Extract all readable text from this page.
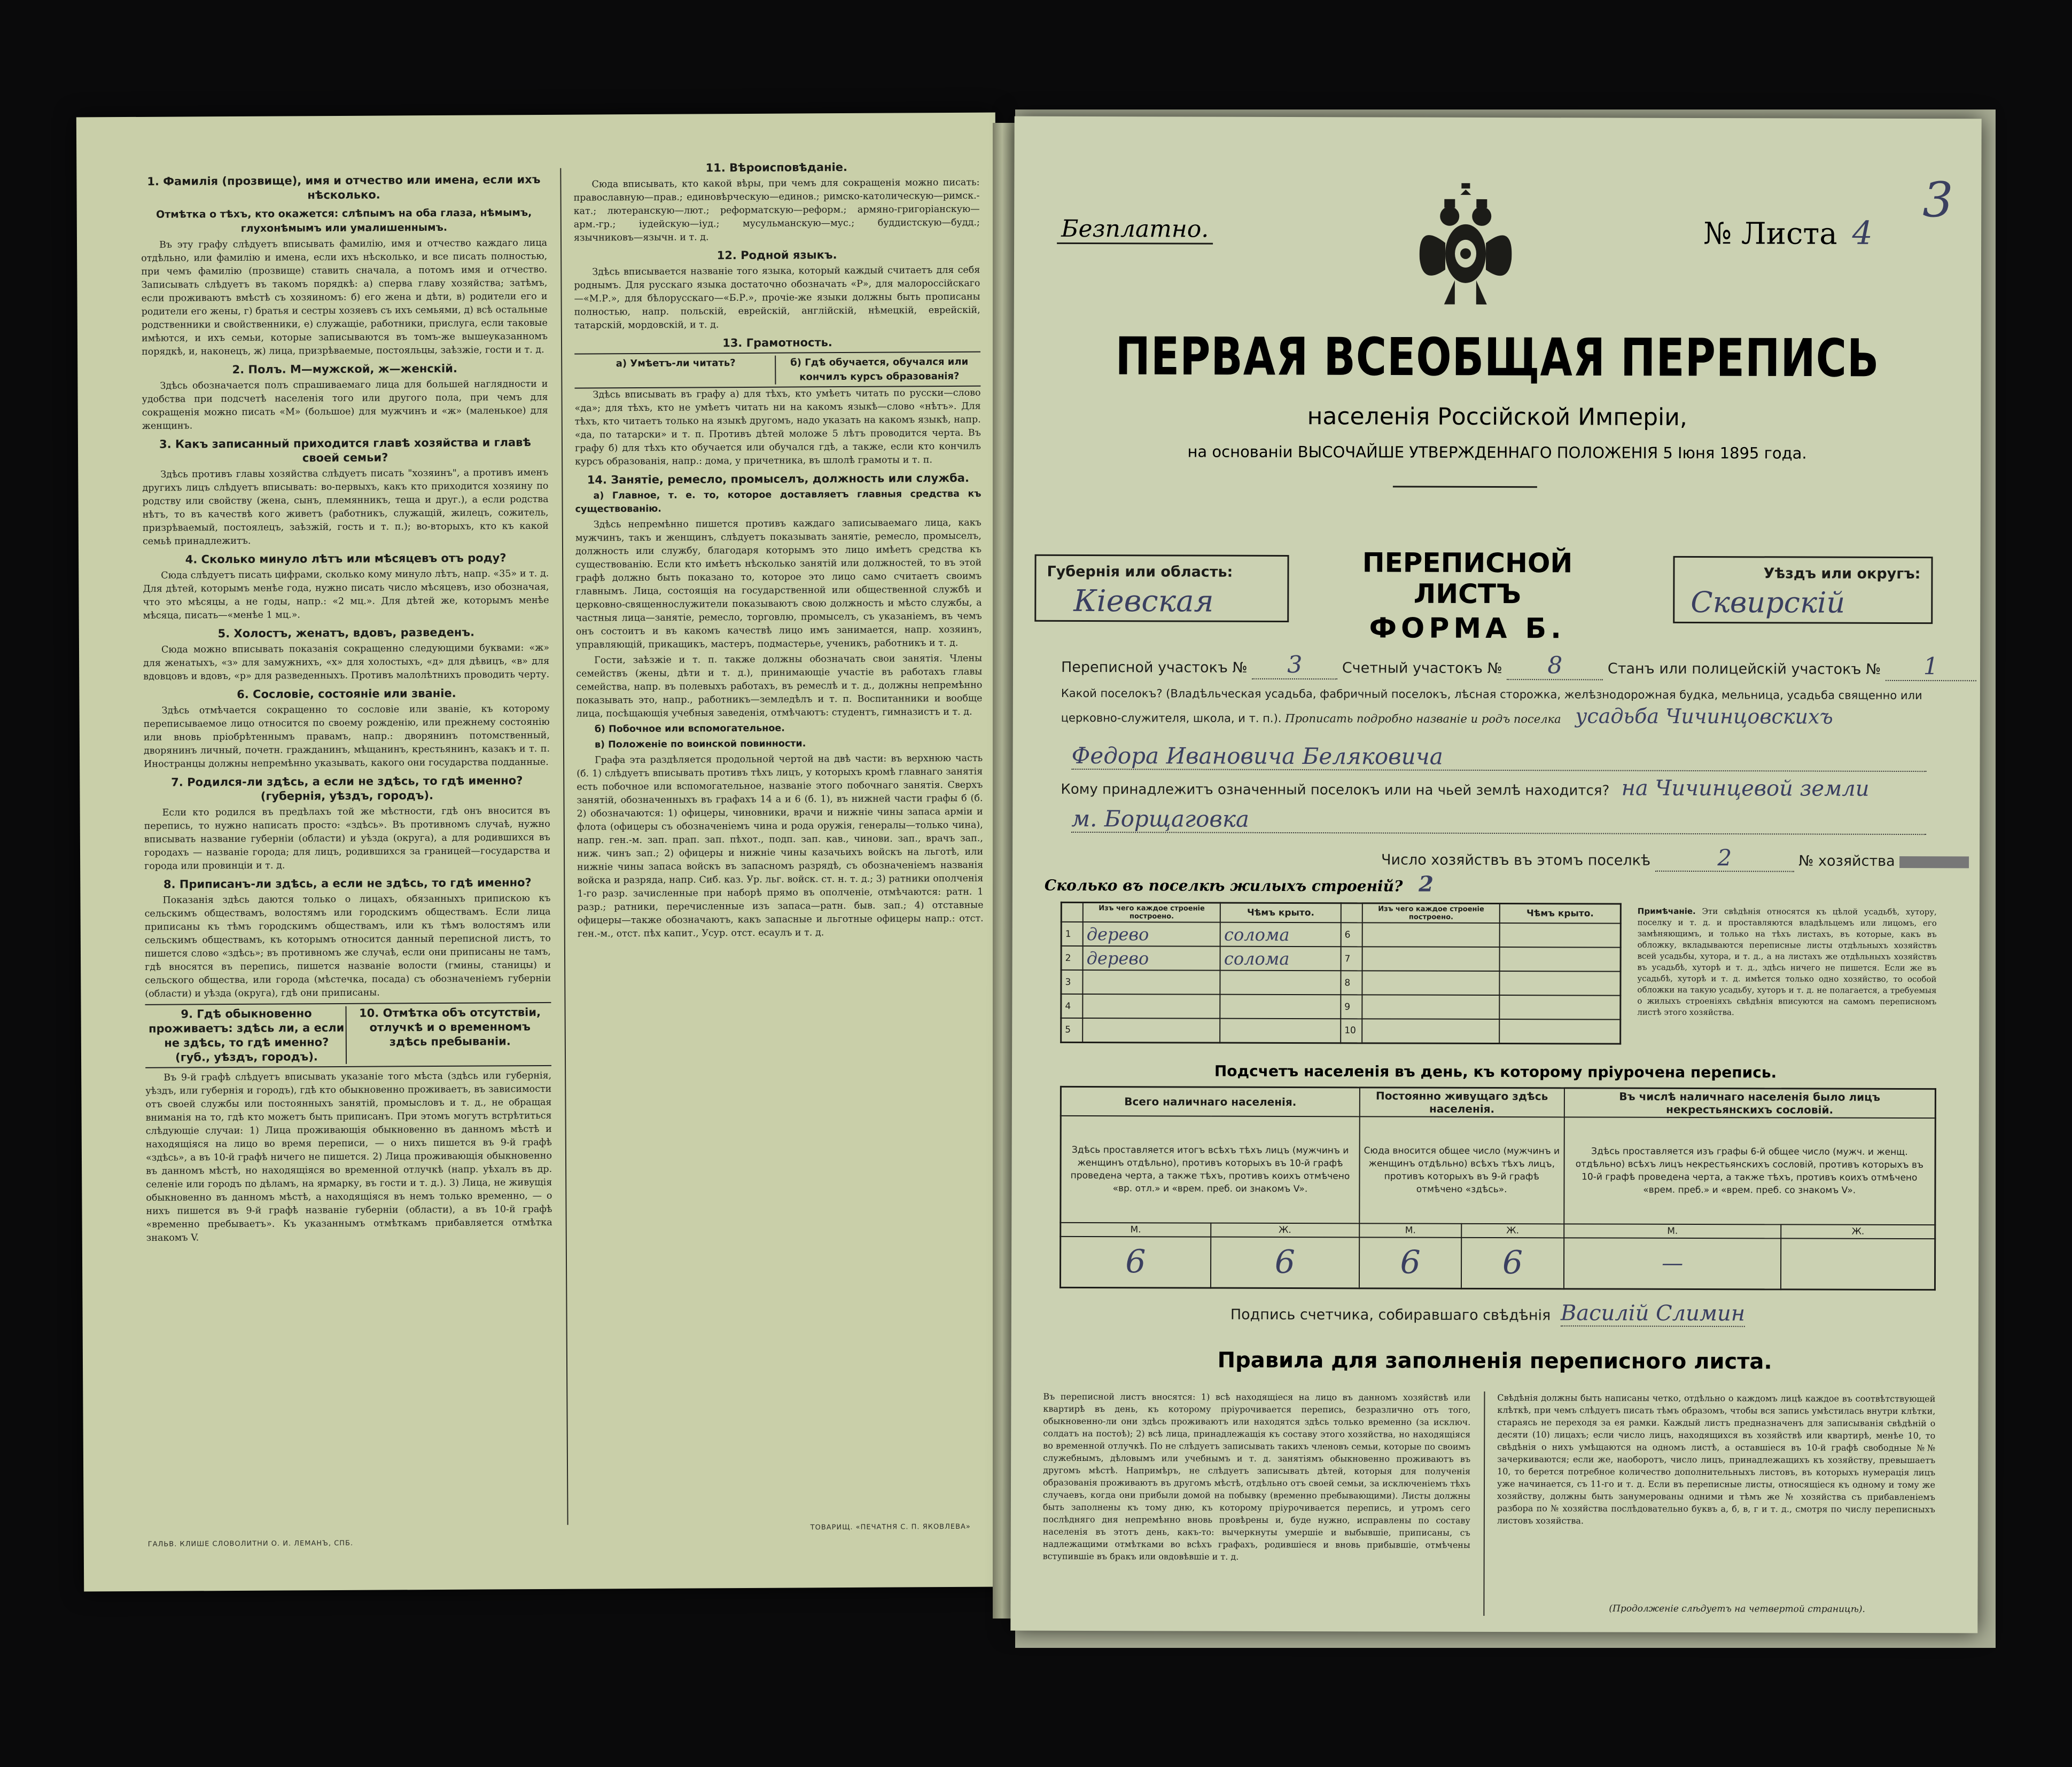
1. Фамилія (прозвище), имя и отчество или имена, если ихъ нѣсколько.
Отмѣтка о тѣхъ, кто окажется: слѣпымъ на оба глаза, нѣмымъ, глухонѣмымъ или умалишеннымъ.

Въ эту графу слѣдуетъ вписывать фамилію, имя и отчество каждаго лица отдѣльно, или фамилію и имена, если ихъ нѣсколько, и все писать полностью, при чемъ фамилію (прозвище) ставить сначала, а потомъ имя и отчество. Записывать слѣдуетъ въ такомъ порядкѣ: а) сперва главу хозяйства; затѣмъ, если проживаютъ вмѣстѣ съ хозяиномъ: б) его жена и дѣти, в) родители его и родители его жены, г) братья и сестры хозяевъ съ ихъ семьями, д) всѣ остальные родственники и свойственники, е) служащіе, работники, прислуга, если таковые имѣются, и ихъ семьи, которые записываются въ томъ-же вышеуказанномъ порядкѣ, и, наконецъ, ж) лица, призрѣваемые, постояльцы, заѣзжіе, гости и т. д.

2. Полъ. М—мужской, ж—женскій.

Здѣсь обозначается полъ спрашиваемаго лица для большей наглядности и удобства при подсчетѣ населенія того или другого пола, при чемъ для сокращенія можно писать «М» (большое) для мужчинъ и «ж» (маленькое) для женщинъ.

3. Какъ записанный приходится главѣ хозяйства и главѣ своей семьи?

Здѣсь противъ главы хозяйства слѣдуетъ писать "хозяинъ", а противъ именъ другихъ лицъ слѣдуетъ вписывать: во-первыхъ, какъ кто приходится хозяину по родству или свойству (жена, сынъ, племянникъ, теща и друг.), а если родства нѣтъ, то въ качествѣ кого живетъ (работникъ, служащій, жилецъ, сожитель, призрѣваемый, постоялецъ, заѣзжій, гость и т. п.); во-вторыхъ, кто къ какой семьѣ принадлежитъ.

4. Сколько минуло лѣтъ или мѣсяцевъ отъ роду?

Сюда слѣдуетъ писать цифрами, сколько кому минуло лѣтъ, напр. «35» и т. д. Для дѣтей, которымъ менѣе года, нужно писать число мѣсяцевъ, изо обозначая, что это мѣсяцы, а не годы, напр.: «2 мц.». Для дѣтей же, которымъ менѣе мѣсяца, писать—«менѣе 1 мц.».

5. Холостъ, женатъ, вдовъ, разведенъ.

Сюда можно вписывать показанія сокращенно следующими буквами: «ж» для женатыхъ, «з» для замужнихъ, «х» для холостыхъ, «д» для дѣвицъ, «в» для вдовцовъ и вдовъ, «р» для разведенныхъ. Противъ малолѣтнихъ проводить черту.

6. Сословіе, состояніе или званіе.

Здѣсь отмѣчается сокращенно то сословіе или званіе, къ которому переписываемое лицо относится по своему рожденію, или прежнему состоянію или вновь пріобрѣтеннымъ правамъ, напр.: дворянинъ потомственный, дворянинъ личный, почетн. гражданинъ, мѣщанинъ, крестьянинъ, казакъ и т. п. Иностранцы должны непремѣнно указывать, какого они государства подданные.

7. Родился-ли здѣсь, а если не здѣсь, то гдѣ именно? (губернія, уѣздъ, городъ).

Если кто родился въ предѣлахъ той же мѣстности, гдѣ онъ вносится въ перепись, то нужно написать просто: «здѣсь». Въ противномъ случаѣ, нужно вписывать название губерніи (области) и уѣзда (округа), а для родившихся въ городахъ — названіе города; для лицъ, родившихся за границей—государства и города или провинціи и т. д.

8. Приписанъ-ли здѣсь, а если не здѣсь, то гдѣ именно?

Показанія здѣсь даются только о лицахъ, обязанныхъ припискою къ сельскимъ обществамъ, волостямъ или городскимъ обществамъ. Если лица приписаны къ тѣмъ городскимъ обществамъ, или къ тѣмъ волостямъ или сельскимъ обществамъ, къ которымъ относится данный переписной листъ, то пишется слово «здѣсь»; въ противномъ же случаѣ, если они приписаны не тамъ, гдѣ вносятся въ перепись, пишется названіе волости (гмины, станицы) и сельского общества, или города (мѣстечка, посада) съ обозначеніемъ губерніи (области) и уѣзда (округа), гдѣ они приписаны.

9. Гдѣ обыкновенно проживаетъ: здѣсь ли, а если не здѣсь, то гдѣ именно? (губ., уѣздъ, городъ).
10. Отмѣтка объ отсутствіи, отлучкѣ и о временномъ здѣсь пребываніи.

Въ 9-й графѣ слѣдуетъ вписывать указаніе того мѣста (здѣсь или губернія, уѣздъ, или губернія и городъ), гдѣ кто обыкновенно проживаетъ, въ зависимости отъ своей службы или постоянныхъ занятій, промысловъ и т. д., не обращая вниманія на то, гдѣ кто можетъ быть приписанъ. При этомъ могутъ встрѣтиться слѣдующіе случаи: 1) Лица проживающія обыкновенно въ данномъ мѣстѣ и находящіяся на лицо во время переписи, — о нихъ пишется въ 9-й графѣ «здѣсь», а въ 10-й графѣ ничего не пишется. 2) Лица проживающія обыкновенно въ данномъ мѣстѣ, но находящіяся во временной отлучкѣ (напр. уѣхалъ въ др. селеніе или городъ по дѣламъ, на ярмарку, въ гости и т. д.). 3) Лица, не живущія обыкновенно въ данномъ мѣстѣ, а находящіяся въ немъ только временно, — о нихъ пишется въ 9-й графѣ названіе губерніи (области), а въ 10-й графѣ «временно пребываетъ». Къ указаннымъ отмѣткамъ прибавляется отмѣтка знакомъ V.

11. Вѣроисповѣданіе.

Сюда вписывать, кто какой вѣры, при чемъ для сокращенія можно писать: православную—прав.; единовѣрческую—единов.; римско-католическую—римск.-кат.; лютеранскую—лют.; реформатскую—реформ.; армяно-григоріанскую—арм.-гр.; іудейскую—іуд.; мусульманскую—мус.; буддистскую—будд.; язычниковъ—язычн. и т. д.

12. Родной языкъ.

Здѣсь вписывается названіе того языка, который каждый считаетъ для себя роднымъ. Для русскаго языка достаточно обозначать «Р», для малороссійскаго—«М.Р.», для бѣлорусскаго—«Б.Р.», прочіе-же языки должны быть прописаны полностью, напр. польскій, еврейскій, англійскій, нѣмецкій, еврейскій, татарскій, мордовскій, и т. д.

13. Грамотность.
а) Умѣетъ-ли читать?	б) Гдѣ обучается, обучался или кончилъ курсъ образованія?

Здѣсь вписывать въ графу а) для тѣхъ, кто умѣетъ читать по русски—слово «да»; для тѣхъ, кто не умѣетъ читать ни на какомъ языкѣ—слово «нѣтъ». Для тѣхъ, кто читаетъ только на языкѣ другомъ, надо указать на какомъ языкѣ, напр. «да, по татарски» и т. п. Противъ дѣтей моложе 5 лѣтъ проводится черта. Въ графу б) для тѣхъ кто обучается или обучался гдѣ, а также, если кто кончилъ курсъ образованія, напр.: дома, у причетника, въ шлолѣ грамоты и т. п.

14. Занятіе, ремесло, промыселъ, должность или служба.

а) Главное, т. е. то, которое доставляетъ главныя средства къ существованію.

Здѣсь непремѣнно пишется противъ каждаго записываемаго лица, какъ мужчинъ, такъ и женщинъ, слѣдуетъ показывать занятіе, ремесло, промыселъ, должность или службу, благодаря которымъ это лицо имѣетъ средства къ существованію. Если кто имѣетъ нѣсколько занятій или должностей, то въ этой графѣ должно быть показано то, которое это лицо само считаетъ своимъ главнымъ. Лица, состоящія на государственной или общественной службѣ и церковно-священнослужители показываютъ свою должность и мѣсто службы, а частныя лица—занятіе, ремесло, торговлю, промыселъ, съ указаніемъ, въ чемъ онъ состоитъ и въ какомъ качествѣ лицо имъ занимается, напр. хозяинъ, управляющій, прикащикъ, мастеръ, подмастерье, ученикъ, работникъ и т. д.

Гости, заѣзжіе и т. п. также должны обозначать свои занятія. Члены семействъ (жены, дѣти и т. д.), принимающіе участіе въ работахъ главы семейства, напр. въ полевыхъ работахъ, въ ремеслѣ и т. д., должны непремѣнно показывать это, напр., работникъ—земледѣлъ и т. п. Воспитанники и вообще лица, посѣщающія учебныя заведенія, отмѣчаютъ: студентъ, гимназистъ и т. д.

б) Побочное или вспомогательное.

в) Положеніе по воинской повинности.

Графа эта раздѣляется продольной чертой на двѣ части: въ верхнюю часть (б. 1) слѣдуетъ вписывать противъ тѣхъ лицъ, у которыхъ кромѣ главнаго занятія есть побочное или вспомогательное, названіе этого побочнаго занятія. Сверхъ занятій, обозначенныхъ въ графахъ 14 а и 6 (б. 1), въ нижней части графы б (б. 2) обозначаются: 1) офицеры, чиновники, врачи и нижніе чины запаса арміи и флота (офицеры съ обозначеніемъ чина и рода оружія, генералы—только чина), напр. ген.-м. зап. прап. зап. пѣхот., подп. зап. кав., чинови. зап., врачъ зап., ниж. чинъ зап.; 2) офицеры и нижніе чины казачьихъ войскъ на льготѣ, или нижніе чины запаса войскъ въ запасномъ разрядѣ, съ обозначеніемъ названія войска и разряда, напр. Сиб. каз. Ур. льг. войск. ст. н. т. д.; 3) ратники ополченія 1-го разр. зачисленные при наборѣ прямо въ ополченіе, отмѣчаются: ратн. 1 разр.; ратники, перечисленные изъ запаса—ратн. быв. зап.; 4) отставные офицеры—также обозначаютъ, какъ запасные и льготные офицеры напр.: отст. ген.-м., отст. пѣх капит., Усур. отст. есаулъ и т. д.

ГАЛЬВ. КЛИШЕ СЛОВОЛИТНИ О. И. ЛЕМАНЪ, СПБ.
ТОВАРИЩ. «ПЕЧАТНЯ С. П. ЯКОВЛЕВА»
Безплатно.	№ Листа 4
3
ПЕРВАЯ ВСЕОБЩАЯ ПЕРЕПИСЬ
населенія Россійской Имперіи,
на основаніи ВЫСОЧАЙШЕ УТВЕРЖДЕННАГО ПОЛОЖЕНІЯ 5 Іюня 1895 года.
Губернія или область:
Кіевская
ПЕРЕПИСНОЙ ЛИСТЪ
ФОРМА Б.
Уѣздъ или округъ:
Сквирскій
Переписной участокъ № 3	Счетный участокъ № 8	Станъ или полицейскій участокъ № 1
Какой поселокъ? (Владѣльческая усадьба, фабричный поселокъ, лѣсная сторожка, желѣзнодорожная будка, мельница, усадьба священно или церковно-служителя, школа, и т. п.). Прописать подробно названіе и родъ поселка усадьба Чичинцовскихъ
Федора Ивановича Беляковича
Кому принадлежитъ означенный поселокъ или на чьей землѣ находится? на Чичинцевой земли
м. Борщаговка
Число хозяйствъ въ этомъ поселкѣ	2	№ хозяйства
Сколько въ поселкѣ жилыхъ строеній? 2
	Изъ чего каждое строеніе построено.	Чѣмъ крыто.		Изъ чего каждое строеніе построено.	Чѣмъ крыто.
1	дерево	солома	6		
2	дерево	солома	7		
3			8		
4			9		
5			10		
Примѣчаніе. Эти свѣдѣнія относятся къ цѣлой усадьбѣ, хутору, поселку и т. д. и проставляются владѣльцемъ или лицомъ, его замѣняющимъ, и только на тѣхъ листахъ, въ которые, какъ въ обложку, вкладываются переписные листы отдѣльныхъ хозяйствъ всей усадьбы, хутора, и т. д., а на листахъ же отдѣльныхъ хозяйствъ въ усадьбѣ, хуторѣ и т. д., здѣсь ничего не пишется. Если же въ усадьбѣ, хуторѣ и т. д. имѣется только одно хозяйство, то особой обложки на такую усадьбу, хуторъ и т. д. не полагается, а требуемыя о жилыхъ строеніяхъ свѣдѣнія вписуются на самомъ переписномъ листѣ этого хозяйства.
Подсчетъ населенія въ день, къ которому пріурочена перепись.
Всего наличнаго населенія.		Постоянно живущаго здѣсь населенія.		Въ числѣ наличнаго населенія было лицъ некрестьянскихъ сословій.	
Здѣсь проставляется итогъ всѣхъ тѣхъ лицъ (мужчинъ и женщинъ отдѣльно), противъ которыхъ въ 10-й графѣ проведена черта, а также тѣхъ, противъ коихъ отмѣчено «вр. отл.» и «врем. преб. ои знакомъ V».		Сюда вносится общее число (мужчинъ и женщинъ отдѣльно) всѣхъ тѣхъ лицъ, противъ которыхъ въ 9-й графѣ отмѣчено «здѣсь».		Здѣсь проставляется изъ графы 6-й общее число (мужч. и женщ. отдѣльно) всѣхъ лицъ некрестьянскихъ сословій, противъ которыхъ въ 10-й графѣ проведена черта, а также тѣхъ, противъ коихъ отмѣчено «врем. преб.» и «врем. преб. со знакомъ V».	
М.	Ж.	М.	Ж.	М.	Ж.
6	6	6	6	—	
Подпись счетчика, собиравшаго свѣдѣнія Василій Слимин
Правила для заполненія переписного листа.
Въ переписной листъ вносятся: 1) всѣ находящіеся на лицо въ данномъ хозяйствѣ или квартирѣ въ день, къ которому пріурочивается перепись, безразлично отъ того, обыкновенно-ли они здѣсь проживаютъ или находятся здѣсь только временно (за исключ. солдатъ на постоѣ); 2) всѣ лица, принадлежащія къ составу этого хозяйства, но находящіяся во временной отлучкѣ. По не слѣдуетъ записывать такихъ членовъ семьи, которые по своимъ служебнымъ, дѣловымъ или учебнымъ и т. д. занятіямъ обыкновенно проживаютъ въ другомъ мѣстѣ. Напримѣръ, не слѣдуетъ записывать дѣтей, которыя для полученія образованія проживаютъ въ другомъ мѣстѣ, отдѣльно отъ своей семьи, за исключеніемъ тѣхъ случаевъ, когда они прибыли домой на побывку (временно пребывающими). Листы должны быть заполнены къ тому дню, къ которому пріурочивается перепись, и утромъ сего послѣдняго дня непремѣнно вновь провѣрены и, буде нужно, исправлены по составу населенія въ этотъ день, какъ-то: вычеркнуты умершіе и выбывшіе, приписаны, съ надлежащими отмѣтками во всѣхъ графахъ, родившіеся и вновь прибывшіе, отмѣчены вступившіе въ бракъ или овдовѣвшіе и т. д.
Свѣдѣнія должны быть написаны четко, отдѣльно о каждомъ лицѣ каждое въ соотвѣтствующей клѣткѣ, при чемъ слѣдуетъ писать тѣмъ образомъ, чтобы вся запись умѣстилась внутри клѣтки, стараясь не переходя за ея рамки. Каждый листъ предназначенъ для записыванія свѣдѣній о десяти (10) лицахъ; если число лицъ, находящихся въ хозяйствѣ или квартирѣ, менѣе 10, то свѣдѣнія о нихъ умѣщаются на одномъ листѣ, а оставшіеся въ 10-й графѣ свободные №№ зачеркиваются; если же, наоборотъ, число лицъ, принадлежащихъ къ хозяйству, превышаетъ 10, то берется потребное количество дополнительныхъ листовъ, въ которыхъ нумерація лицъ уже начинается, съ 11-го и т. д. Если въ переписные листы, относящіеся къ одному и тому же хозяйству, должны быть занумерованы одними и тѣмъ же № хозяйства съ прибавленіемъ разбора по № хозяйства послѣдовательно буквъ а, б, в, г и т. д., смотря по числу переписныхъ листовъ хозяйства.
(Продолженіе слѣдуетъ на четвертой страницѣ).
